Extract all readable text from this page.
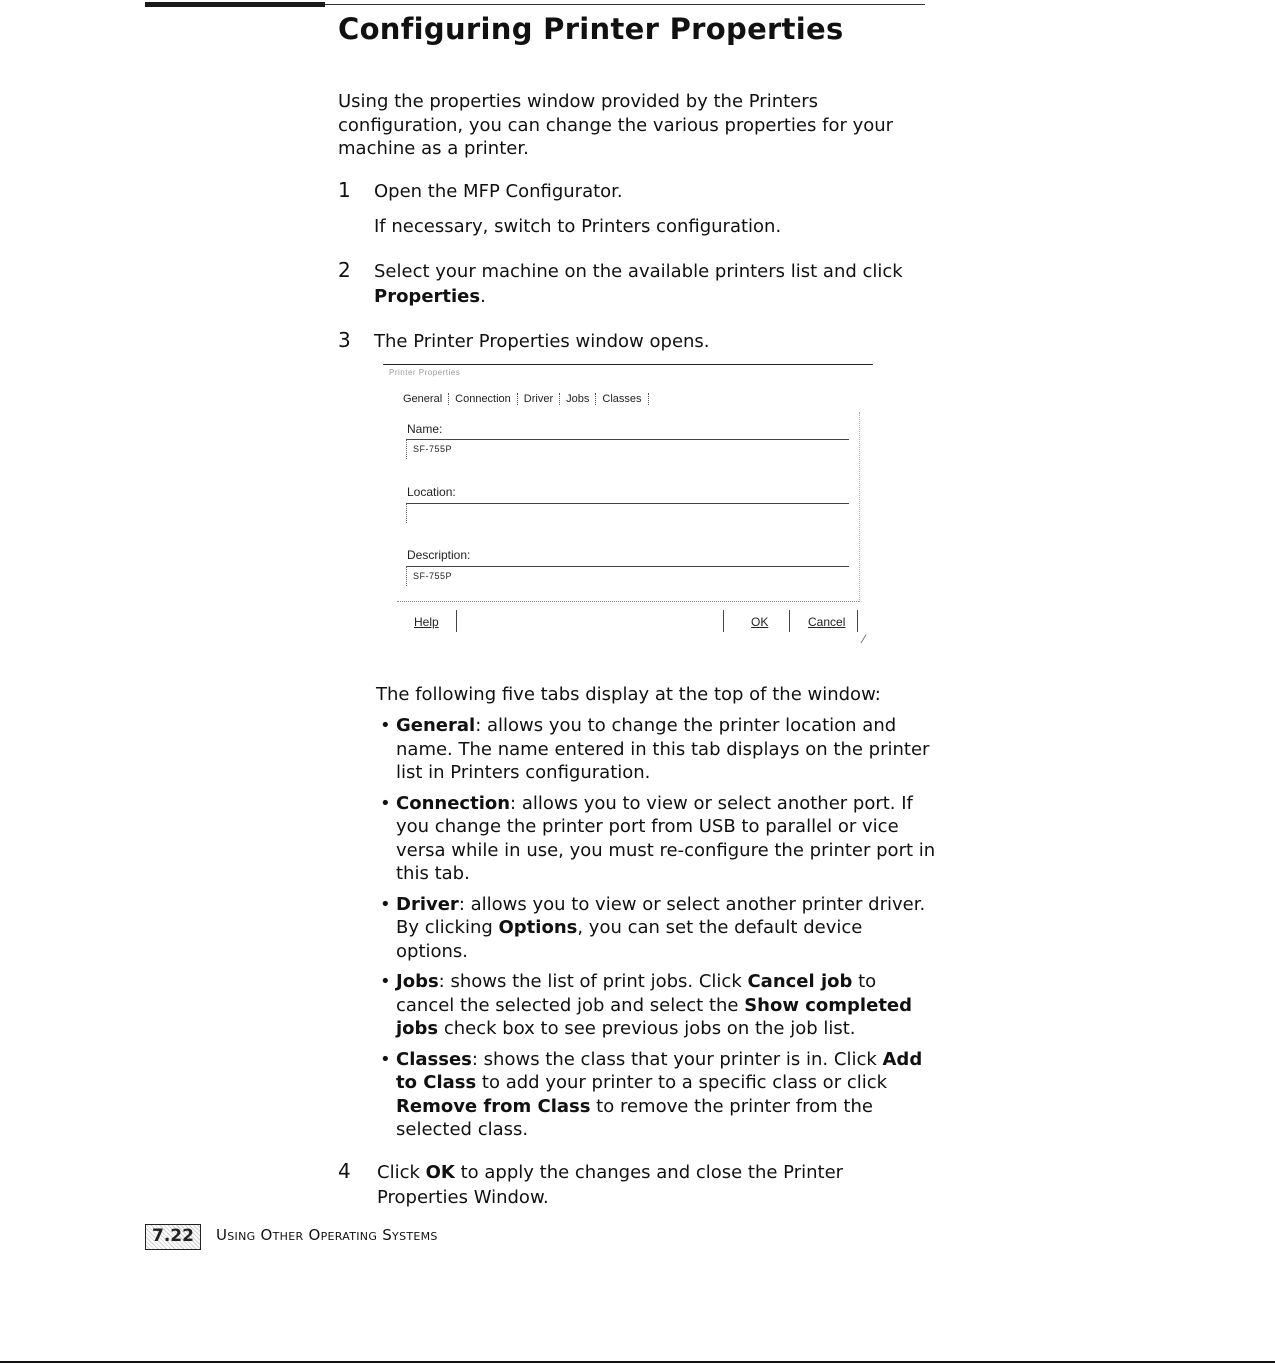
Configuring Printer Properties

Using the properties window provided by the Printers configuration, you can change the various properties for your machine as a printer.

1 Open the MFP Configurator.
If necessary, switch to Printers configuration.
2 Select your machine on the available printers list and click Properties.
3 The Printer Properties window opens.
Printer Properties
General	Connection	Driver	Jobs	Classes
Name:
SF-755P
Location:
Description:
SF-755P
Help	OK	Cancel
⁄

The following five tabs display at the top of the window:

• General: allows you to change the printer location and name. The name entered in this tab displays on the printer list in Printers configuration.
• Connection: allows you to view or select another port. If you change the printer port from USB to parallel or vice versa while in use, you must re-configure the printer port in this tab.
• Driver: allows you to view or select another printer driver. By clicking Options, you can set the default device options.
• Jobs: shows the list of print jobs. Click Cancel job to cancel the selected job and select the Show completed jobs check box to see previous jobs on the job list.
• Classes: shows the class that your printer is in. Click Add to Class to add your printer to a specific class or click Remove from Class to remove the printer from the selected class.
4 Click OK to apply the changes and close the Printer Properties Window.
7.22	Using Other Operating Systems
